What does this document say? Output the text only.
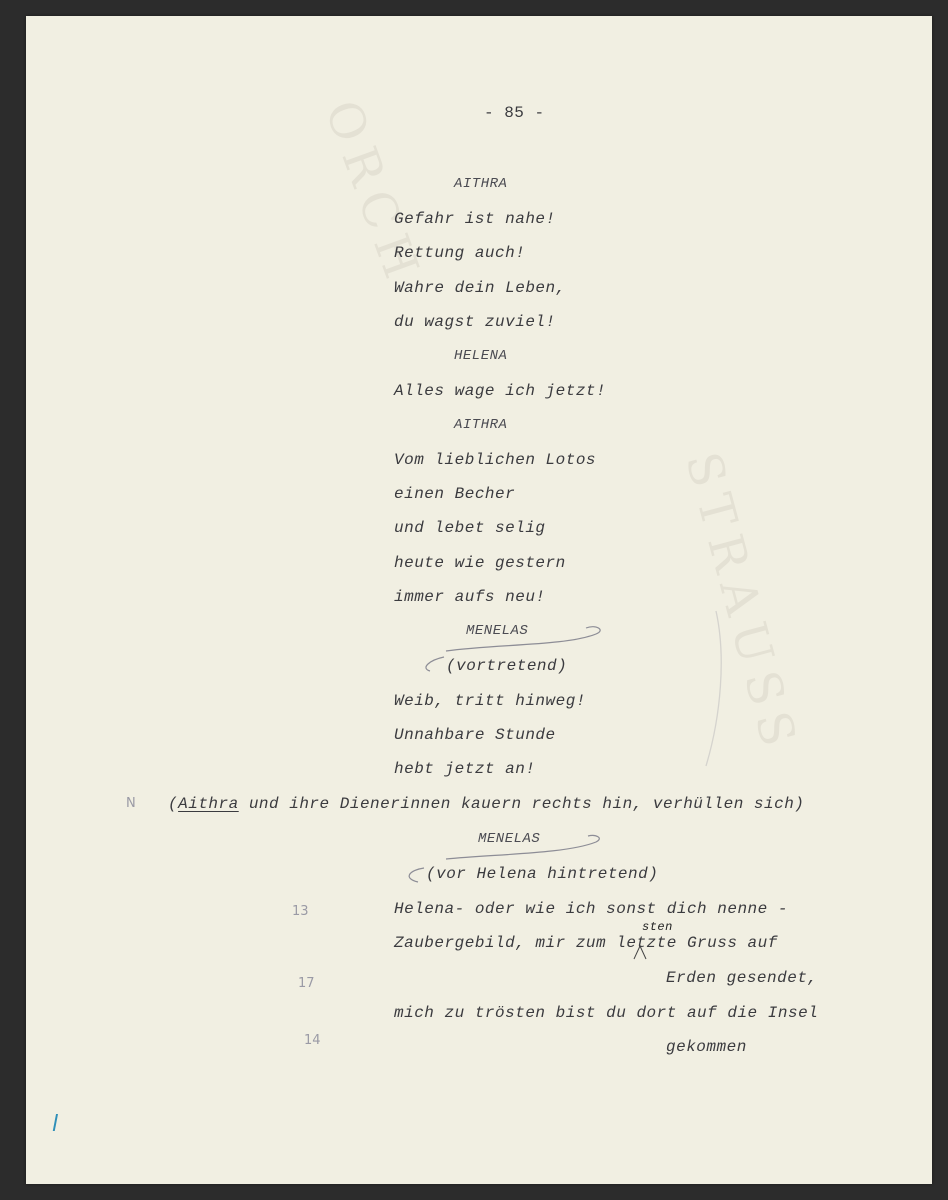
ORCH
STRAUSS
- 85 -
AITHRA
Gefahr ist nahe!
Rettung auch!
Wahre dein Leben,
du wagst zuviel!
HELENA
Alles wage ich jetzt!
AITHRA
Vom lieblichen Lotos
einen Becher
und lebet selig
heute wie gestern
immer aufs neu!
MENELAS
(vortretend)
Weib, tritt hinweg!
Unnahbare Stunde
hebt jetzt an!
N (Aithra und ihre Dienerinnen kauern rechts hin, verhüllen sich)
MENELAS
(vor Helena hintretend)
13	Helena- oder wie ich sonst dich nenne -
Zaubergebild, mir zum letzte Gruss auf
sten
17	Erden gesendet,
mich zu trösten bist du dort auf die Insel
14	gekommen
l
